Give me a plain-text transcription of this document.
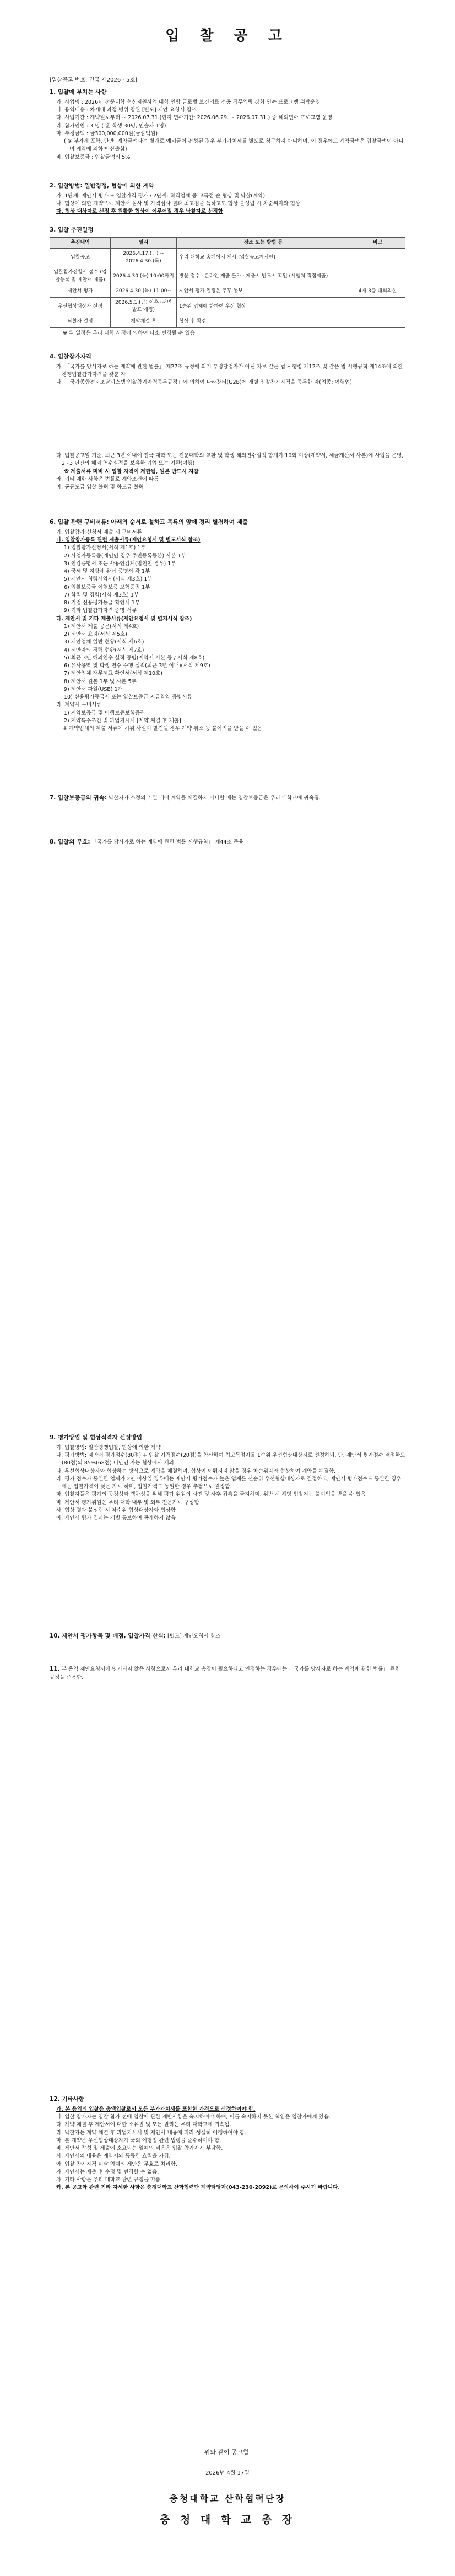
입 찰 공 고
[입찰공고 번호: 긴급 제2026 - 5호]
1. 입찰에 부치는 사항
가. 사업명 : 2026년 전문대학 혁신지원사업 대학 연합 글로벌 보건의료 전공 직무역량 강화 연수 프로그램 위탁운영
나. 용역내용 : 차세대 과정 병위 참관 [별도] 제안 요청서 참조
다. 사업기간 : 계약일로부터 ~ 2026.07.31.(현지 연수기간: 2026.06.29. ~ 2026.07.31.) 중 해외연수 프로그램 운영
라. 참가인원 : 3 명 ( 훈 학생 30명, 인솔자 1명)
마. 추정금액 : 금300,000,000원(금삼억원)
( ※ 부가세 포함, 단만, 계약금액과는 별개로 예비금이 편성된 경우 부가가치세를 별도로 청구하지 아니하며, 이 경우에도 계약금액은 입찰금액이 아니며 계약에 의하여 산출함)
바. 입찰보증금 : 입찰금액의 5%
2. 입찰방법: 일반경쟁, 협상에 의한 계약
가. 1단계: 제안서 평가 + 입찰가격 평가 / 2단계: 적격업체 중 고득점 순 협상 및 낙찰(계약)
나. 협상에 의한 계약으로 제안서 심사 및 가격심사 결과 최고점을 득하고도 협상 불성립 시 차순위자와 협상
다. 협상 대상자로 선정 후 원활한 협상이 이루어질 경우 낙찰자로 선정함
3. 입찰 추진일정
추진내역	일시	장소 또는 방법 등	비고
입찰공고	2026.4.17.(금) ~ 2026.4.30.(목)	우리 대학교 홈페이지 게시 (입찰공고게시판)	
입찰참가신청서 접수 (입찰등록 및 제안서 제출)	2026.4.30.(목) 10:00까지	방문 접수 · 온라인 제출 불가 · 제출시 반드시 확인 (시행처 직접제출)	
제안서 평가	2026.4.30.(목) 11:00~	제안서 평가 일정은 추후 통보	4개 3층 대회의실
우선협상대상자 선정	2026.5.1.(금) 이후 (서면 발표 예정)	1순위 업체에 한하여 우선 협상	
낙찰자 결정	계약체결 후	협상 후 확정	
※ 위 일정은 우리 대학 사정에 의하여 다소 변경될 수 있음.
4. 입찰참가자격
가. 「국가를 당사자로 하는 계약에 관한 법률」 제27조 규정에 의거 부정당업자가 아닌 자로 같은 법 시행령 제12조 및 같은 법 시행규칙 제14조에 의한 경쟁입찰참가자격을 갖춘 자
나. 「국가종합전자조달시스템 입찰참가자격등록규정」에 의하여 나라장터(G2B)에 개별 입찰참가자격을 등록한 자(업종: 여행업)
다. 입찰공고일 기준, 최근 3년 이내에 전국 대학 또는 전문대학의 교환 및 학생 해외연수실적 합계가 10회 이상(계약서, 세금계산서 사본)에 사업을 운영, 2~3 년간의 해외 연수실적을 보유한 기업 또는 기관(여행)
※ 제출서류 미비 시 입찰 자격이 제한됨, 원본 반드시 지참
라. 기타 제한 사항은 법률로 계약조건에 따름
마. 공동도급 입찰 불허 및 하도급 불허
6. 입찰 관련 구비서류: 아래의 순서로 철하고 목록의 앞에 정리 별첨하여 제출
가. 입찰참가 신청서 제출 시 구비서류
나. 입찰참가등록 관련 제출서류(제안요청서 및 별도서식 참조)
1) 입찰참가신청서(서식 제1호) 1부
2) 사업자등록증(개인인 경우 주민등록등본) 사본 1부
3) 인감증명서 또는 사용인감계(법인인 경우) 1부
4) 국세 및 지방세 완납 증명서 각 1부
5) 제안서 청렴서약서(서식 제3호) 1부
6) 입찰보증금 이행보증 보험증권 1부
7) 학력 및 경력(서식 제3호) 1부
8) 기업 신용평가등급 확인서 1부
9) 기타 입찰참가자격 증명 서류
다. 제안서 및 기타 제출서류(제안요청서 및 별지서식 참조)
1) 제안서 제출 공문(서식 제4호)
2) 제안서 요지(서식 제5호)
3) 제안업체 일반 현황(서식 제6호)
4) 제안자의 경력 현황(서식 제7호)
5) 최근 3년 해외연수 실적 증빙(계약서 사본 등 / 서식 제8호)
6) 유사용역 및 학생 연수 수행 실적(최근 3년 이내)(서식 제9호)
7) 제안업체 재무제표 확인서(서식 제10호)
8) 제안서 원본 1부 및 사본 5부
9) 제안서 파일(USB) 1개
10) 신용평가등급서 또는 입찰보증금 지급확약 증빙서류
라. 계약시 구비서류
1) 계약보증금 및 이행보증보험증권
2) 계약특수조건 및 과업지시서 [계약 체결 후 제출]
※ 계약업체의 제출 서류에 허위 사실이 발견될 경우 계약 취소 등 불이익을 받을 수 있음
7. 입찰보증금의 귀속: 낙찰자가 소정의 기일 내에 계약을 체결하지 아니할 때는 입찰보증금은 우리 대학교에 귀속됨.
8. 입찰의 무효: 「국가를 당사자로 하는 계약에 관한 법률 시행규칙」 제44조 준용
9. 평가방법 및 협상적격자 선정방법
가. 입찰방법: 일반경쟁입찰, 협상에 의한 계약
나. 평가방법: 제안서 평가점수(80점) + 입찰 가격점수(20점)을 합산하여 최고득점자를 1순위 우선협상대상자로 선정하되, 단, 제안서 평가점수 배점한도(80점)의 85%(68점) 미만인 자는 협상에서 제외
다. 우선협상대상자와 협상하는 방식으로 계약을 체결하며, 협상이 이뤄지지 않을 경우 차순위자와 협상하여 계약을 체결함.
라. 평가 점수가 동일한 업체가 2인 이상일 경우에는 제안서 평가점수가 높은 업체를 선순위 우선협상대상자로 결정하고, 제안서 평가점수도 동일한 경우에는 입찰가격이 낮은 자로 하며, 입찰가격도 동일한 경우 추첨으로 결정함.
마. 입찰자들은 평가의 공정성과 객관성을 위해 평가 위원의 사전 및 사후 접촉을 금지하며, 위반 시 해당 입찰자는 불이익을 받을 수 있음
바. 제안서 평가위원은 우리 대학 내부 및 외부 전문가로 구성함
사. 협상 결과 불성립 시 차순위 협상대상자와 협상함
아. 제안서 평가 결과는 개별 통보하며 공개하지 않음
10. 제안서 평가항목 및 배점, 입찰가격 산식: [별도] 제안요청서 참조
11. 본 용역 제안요청서에 명기되지 않은 사항으로서 우리 대학교 총장이 필요하다고 인정하는 경우에는 「국가를 당사자로 하는 계약에 관한 법률」 관련 규정을 준용함.
12. 기타사항
가. 본 용역의 입찰은 총액입찰로서 모든 부가가치세를 포함한 가격으로 산정하여야 함.
나. 입찰 참가자는 입찰 참가 전에 입찰에 관한 제반사항을 숙지하여야 하며, 이를 숙지하지 못한 책임은 입찰자에게 있음.
다. 계약 체결 후 제안서에 대한 소유권 및 모든 권리는 우리 대학교에 귀속됨.
라. 낙찰자는 계약 체결 후 과업지시서 및 제안서 내용에 따라 성실히 이행하여야 함.
마. 본 계약은 우선협상대상자가 국외 여행업 관련 법령을 준수하여야 함.
바. 제안서 작성 및 제출에 소요되는 일체의 비용은 입찰 참가자가 부담함.
사. 제안서의 내용은 계약서와 동등한 효력을 가짐.
아. 입찰 참가자격 미달 업체의 제안은 무효로 처리함.
자. 제안서는 제출 후 수정 및 변경할 수 없음.
차. 기타 사항은 우리 대학교 관련 규정을 따름.
카. 본 공고와 관련 기타 자세한 사항은 충청대학교 산학협력단 계약담당자(043-230-2092)로 문의하여 주시기 바랍니다.
위와 같이 공고함.
2026년 4월 17일
충청대학교 산학협력단장
충 청 대 학 교 총 장
